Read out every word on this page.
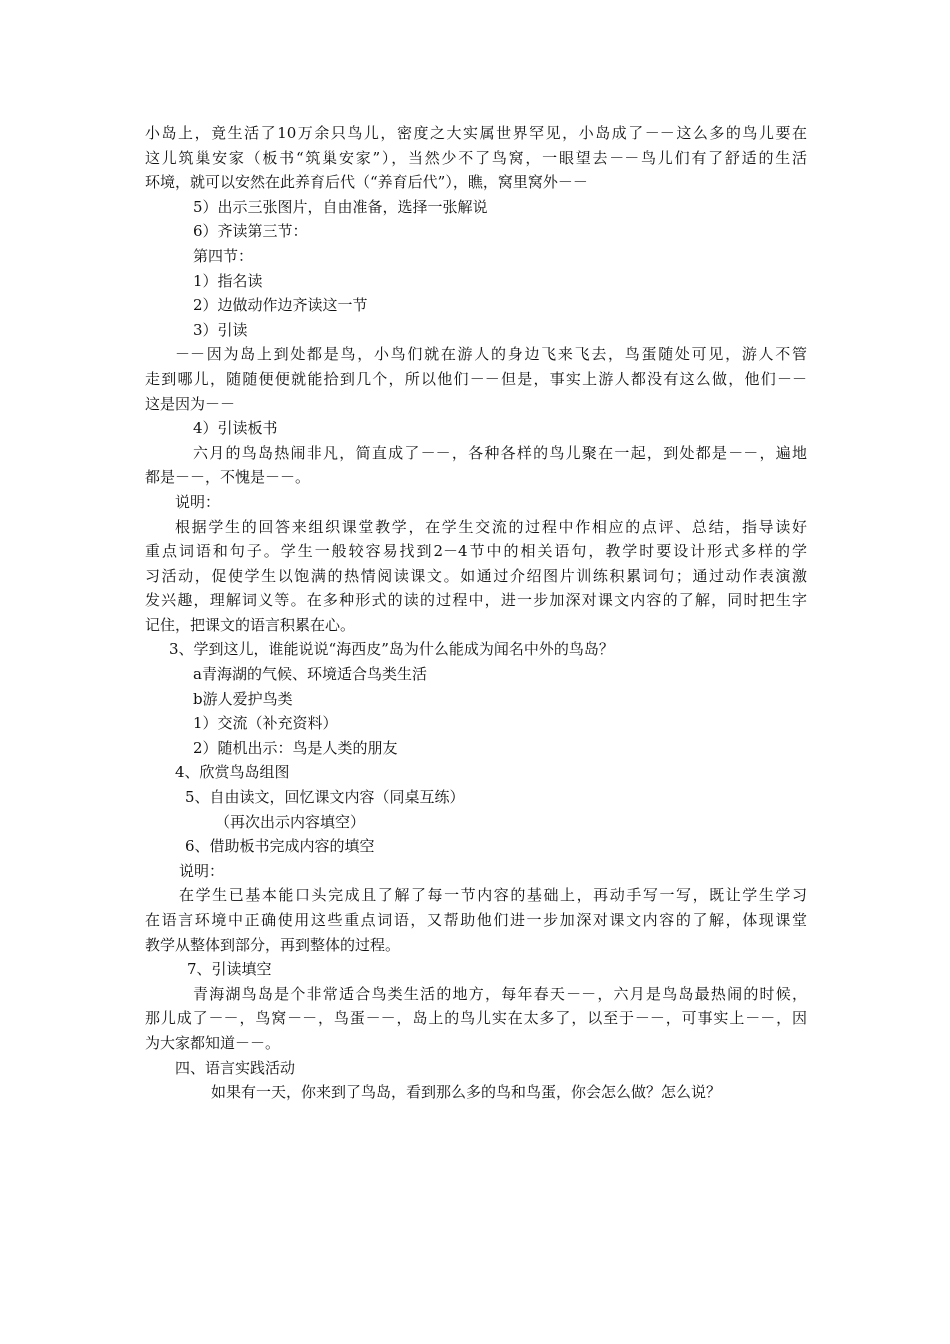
小岛上，竟生活了10万余只鸟儿，密度之大实属世界罕见，小岛成了－－这么多的鸟儿要在
这儿筑巢安家（板书“筑巢安家”），当然少不了鸟窝，一眼望去－－鸟儿们有了舒适的生活
环境，就可以安然在此养育后代（“养育后代”），瞧，窝里窝外－－
5）出示三张图片，自由准备，选择一张解说
6）齐读第三节：
第四节：
1）指名读
2）边做动作边齐读这一节
3）引读
－－因为岛上到处都是鸟，小鸟们就在游人的身边飞来飞去，鸟蛋随处可见，游人不管
走到哪儿，随随便便就能拾到几个，所以他们－－但是，事实上游人都没有这么做，他们－－
这是因为－－
4）引读板书
六月的鸟岛热闹非凡，简直成了－－，各种各样的鸟儿聚在一起，到处都是－－，遍地
都是－－，不愧是－－。
说明：
根据学生的回答来组织课堂教学，在学生交流的过程中作相应的点评、总结，指导读好
重点词语和句子。学生一般较容易找到2－4节中的相关语句，教学时要设计形式多样的学
习活动，促使学生以饱满的热情阅读课文。如通过介绍图片训练积累词句；通过动作表演激
发兴趣，理解词义等。在多种形式的读的过程中，进一步加深对课文内容的了解，同时把生字
记住，把课文的语言积累在心。
3、学到这儿，谁能说说“海西皮”岛为什么能成为闻名中外的鸟岛？
a青海湖的气候、环境适合鸟类生活
b游人爱护鸟类
1）交流（补充资料）
2）随机出示：鸟是人类的朋友
4、欣赏鸟岛组图
5、自由读文，回忆课文内容（同桌互练）
（再次出示内容填空）
6、借助板书完成内容的填空
说明：
在学生已基本能口头完成且了解了每一节内容的基础上，再动手写一写，既让学生学习
在语言环境中正确使用这些重点词语，又帮助他们进一步加深对课文内容的了解，体现课堂
教学从整体到部分，再到整体的过程。
7、引读填空
青海湖鸟岛是个非常适合鸟类生活的地方，每年春天－－，六月是鸟岛最热闹的时候，
那儿成了－－，鸟窝－－，鸟蛋－－，岛上的鸟儿实在太多了，以至于－－，可事实上－－，因
为大家都知道－－。
四、语言实践活动
如果有一天，你来到了鸟岛，看到那么多的鸟和鸟蛋，你会怎么做？怎么说？
